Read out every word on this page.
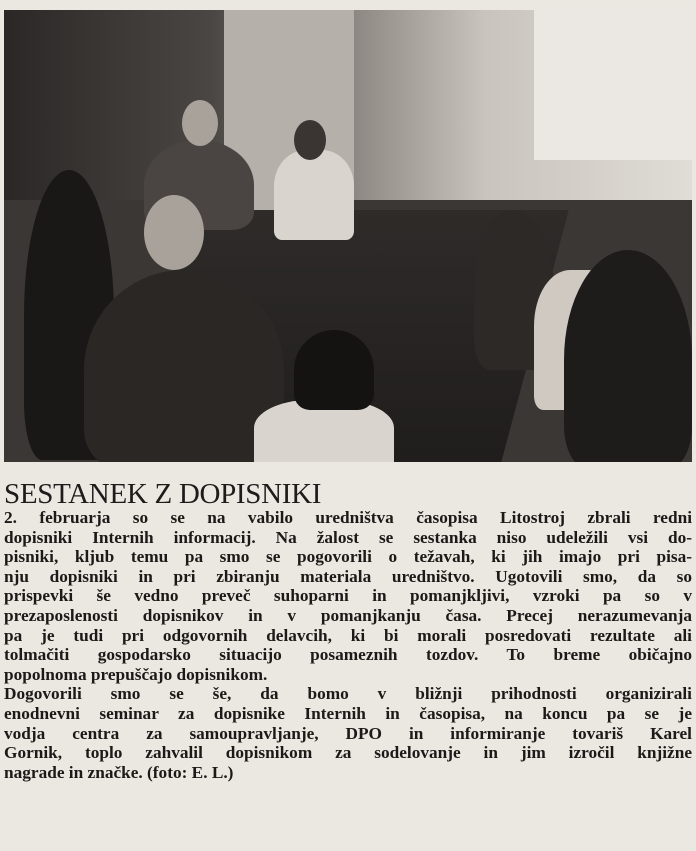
SESTANEK Z DOPISNIKI
2. februarja so se na vabilo uredništva časopisa Litostroj zbrali redni
dopisniki Internih informacij. Na žalost se sestanka niso udeležili vsi do-
pisniki, kljub temu pa smo se pogovorili o težavah, ki jih imajo pri pisa-
nju dopisniki in pri zbiranju materiala uredništvo. Ugotovili smo, da so
prispevki še vedno preveč suhoparni in pomanjkljivi, vzroki pa so v
prezaposlenosti dopisnikov in v pomanjkanju časa. Precej nerazumevanja
pa je tudi pri odgovornih delavcih, ki bi morali posredovati rezultate ali
tolmačiti gospodarsko situacijo posameznih tozdov. To breme običajno
popolnoma prepuščajo dopisnikom.
Dogovorili smo se še, da bomo v bližnji prihodnosti organizirali
enodnevni seminar za dopisnike Internih in časopisa, na koncu pa se je
vodja centra za samoupravljanje, DPO in informiranje tovariš Karel
Gornik, toplo zahvalil dopisnikom za sodelovanje in jim izročil knjižne
nagrade in značke. (foto: E. L.)
